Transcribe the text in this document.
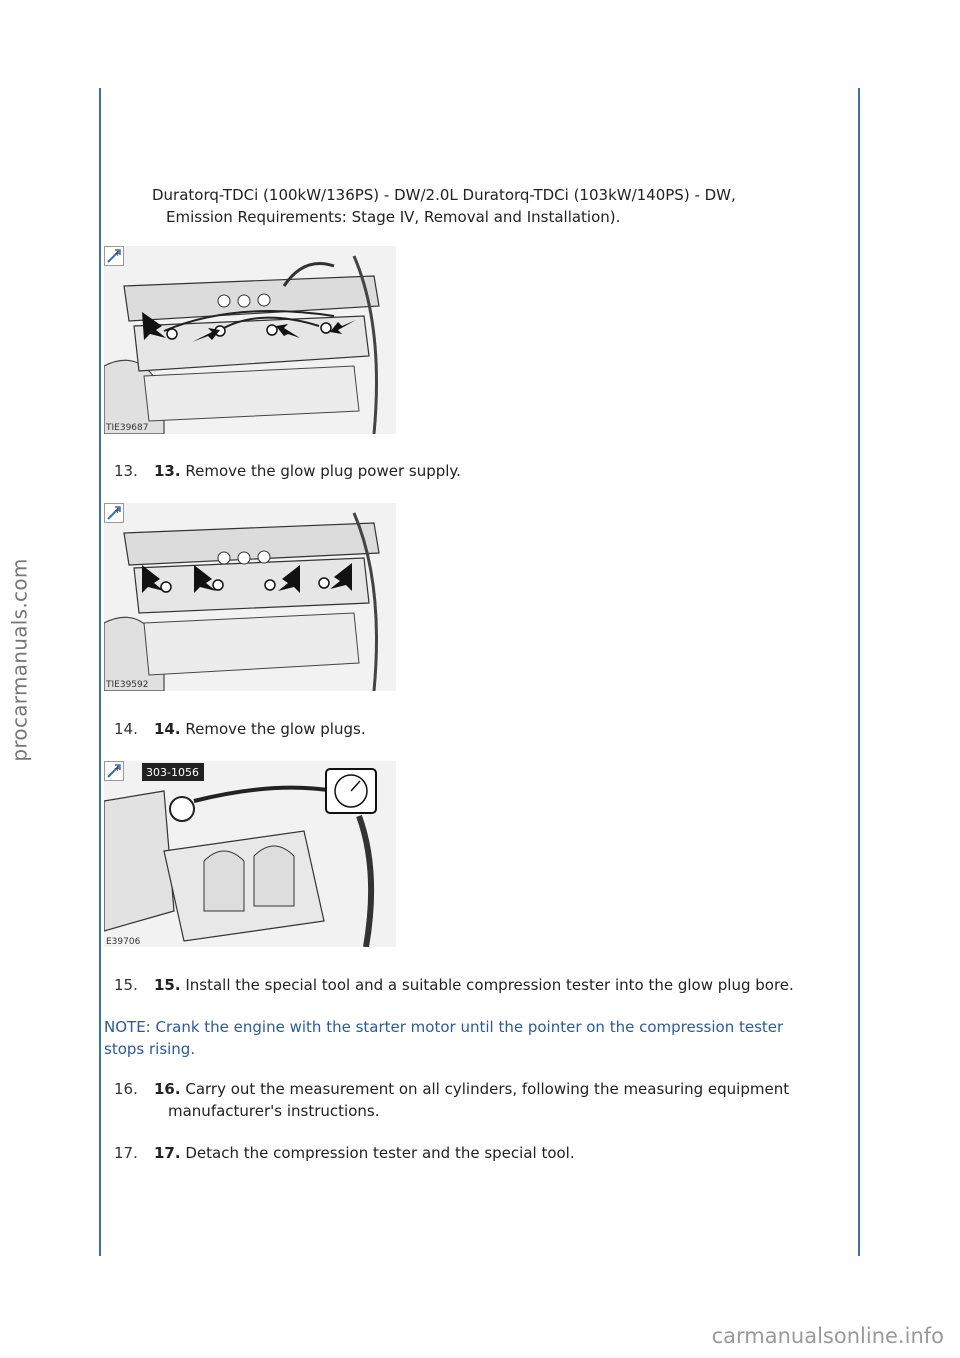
procarmanuals.com
Duratorq-TDCi (100kW/136PS) - DW/2.0L Duratorq-TDCi (103kW/140PS) - DW,
Emission Requirements: Stage IV, Removal and Installation).
TIE39687
+
13.	13. Remove the glow plug power supply.
TIE39592
+
14.	14. Remove the glow plugs.
303-1056
E39706
+
15.	15. Install the special tool and a suitable compression tester into the glow plug bore.
NOTE: Crank the engine with the starter motor until the pointer on the compression tester stops rising.
16.	16. Carry out the measurement on all cylinders, following the measuring equipment
manufacturer's instructions.
17.	17. Detach the compression tester and the special tool.
carmanualsonline.info
